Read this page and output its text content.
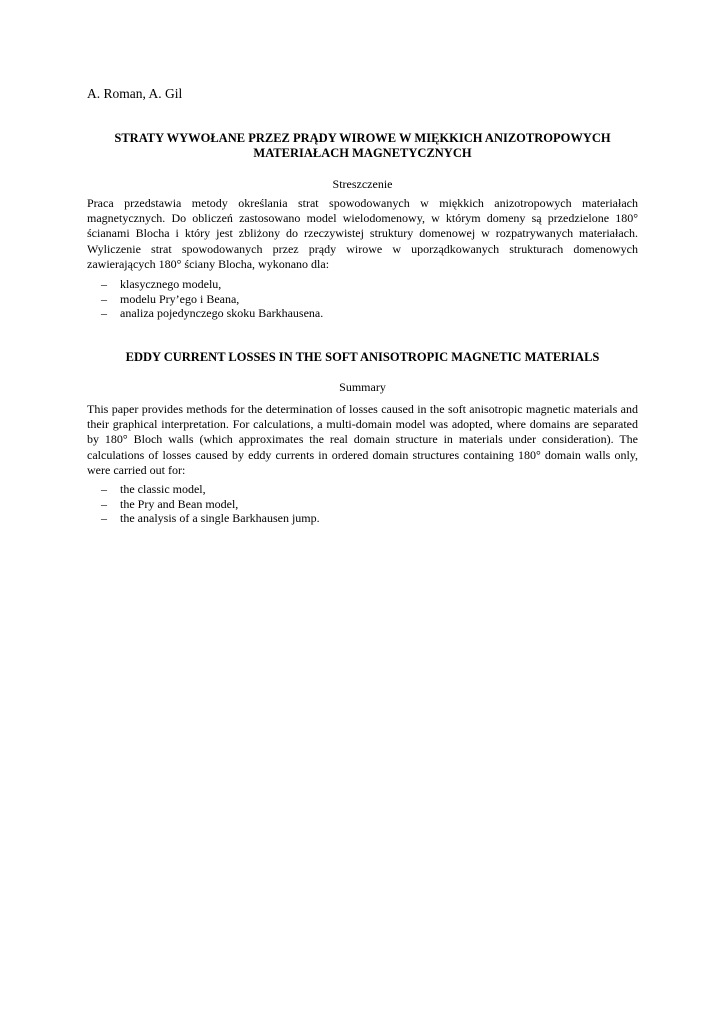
A. Roman, A. Gil
STRATY WYWOŁANE PRZEZ PRĄDY WIROWE W MIĘKKICH ANIZOTROPOWYCH
MATERIAŁACH MAGNETYCZNYCH
Streszczenie

Praca przedstawia metody określania strat spowodowanych w miękkich anizotropowych materiałach magnetycznych. Do obliczeń zastosowano model wielodomenowy, w którym domeny są przedzielone 180° ścianami Blocha i który jest zbliżony do rzeczywistej struktury domenowej w rozpatrywanych materiałach. Wyliczenie strat spowodowanych przez prądy wirowe w uporządkowanych strukturach domenowych zawierających 180° ściany Blocha, wykonano dla:

– klasycznego modelu,
– modelu Pry’ego i Beana,
– analiza pojedynczego skoku Barkhausena.
EDDY CURRENT LOSSES IN THE SOFT ANISOTROPIC MAGNETIC MATERIALS
Summary

This paper provides methods for the determination of losses caused in the soft anisotropic magnetic materials and their graphical interpretation. For calculations, a multi-domain model was adopted, where domains are separated by 180° Bloch walls (which approximates the real domain structure in materials under consideration). The calculations of losses caused by eddy currents in ordered domain structures containing 180° domain walls only, were carried out for:

– the classic model,
– the Pry and Bean model,
– the analysis of a single Barkhausen jump.
